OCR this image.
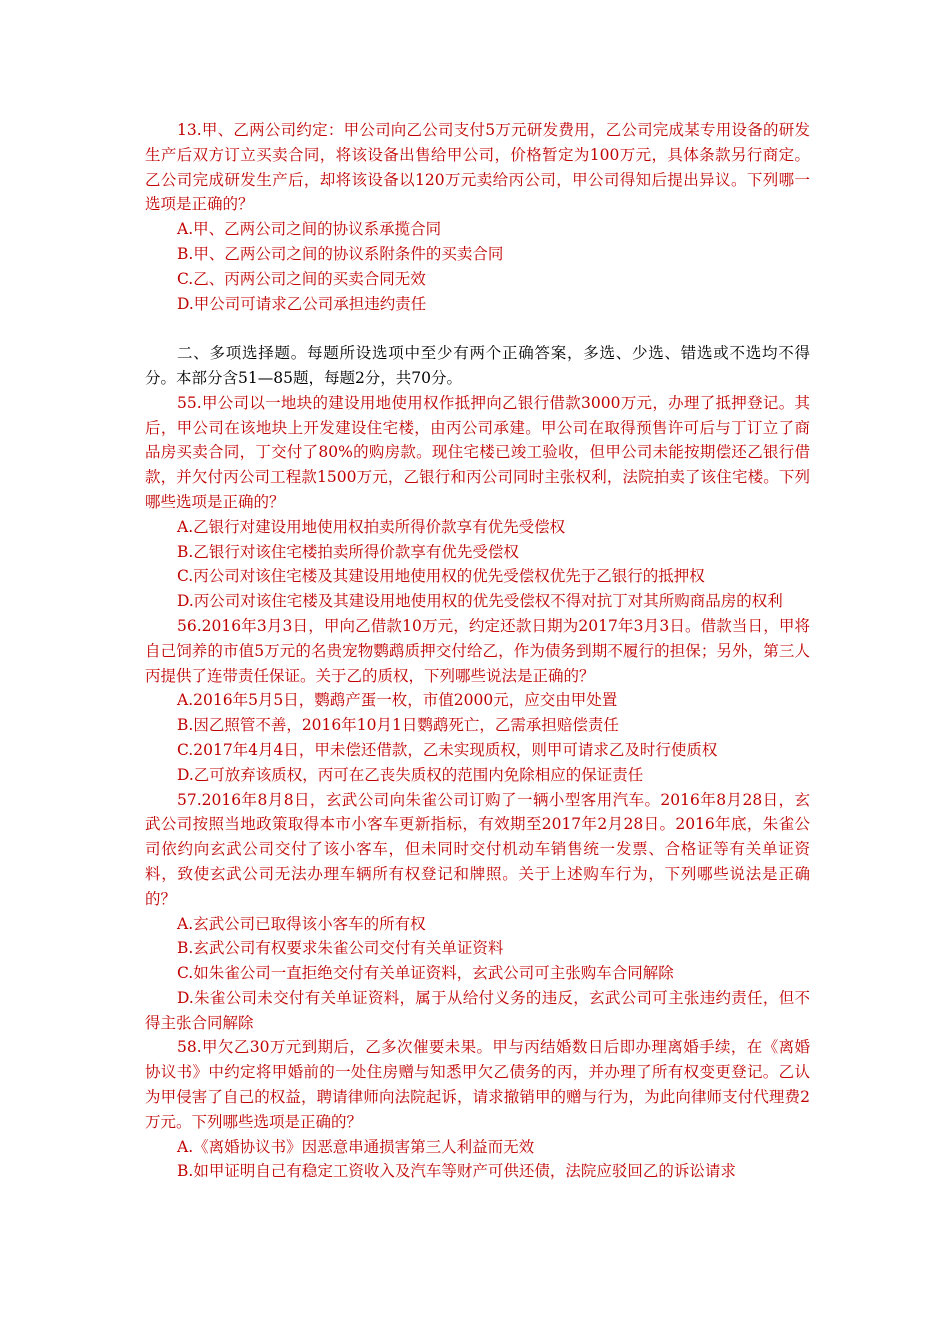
13.甲、乙两公司约定：甲公司向乙公司支付5万元研发费用，乙公司完成某专用设备的研发生产后双方订立买卖合同，将该设备出售给甲公司，价格暂定为100万元，具体条款另行商定。乙公司完成研发生产后，却将该设备以120万元卖给丙公司，甲公司得知后提出异议。下列哪一选项是正确的？

A.甲、乙两公司之间的协议系承揽合同

B.甲、乙两公司之间的协议系附条件的买卖合同

C.乙、丙两公司之间的买卖合同无效

D.甲公司可请求乙公司承担违约责任

二、多项选择题。每题所设选项中至少有两个正确答案，多选、少选、错选或不选均不得分。本部分含51—85题，每题2分，共70分。

55.甲公司以一地块的建设用地使用权作抵押向乙银行借款3000万元，办理了抵押登记。其后，甲公司在该地块上开发建设住宅楼，由丙公司承建。甲公司在取得预售许可后与丁订立了商品房买卖合同，丁交付了80%的购房款。现住宅楼已竣工验收，但甲公司未能按期偿还乙银行借款，并欠付丙公司工程款1500万元，乙银行和丙公司同时主张权利，法院拍卖了该住宅楼。下列哪些选项是正确的？

A.乙银行对建设用地使用权拍卖所得价款享有优先受偿权

B.乙银行对该住宅楼拍卖所得价款享有优先受偿权

C.丙公司对该住宅楼及其建设用地使用权的优先受偿权优先于乙银行的抵押权

D.丙公司对该住宅楼及其建设用地使用权的优先受偿权不得对抗丁对其所购商品房的权利

56.2016年3月3日，甲向乙借款10万元，约定还款日期为2017年3月3日。借款当日，甲将自己饲养的市值5万元的名贵宠物鹦鹉质押交付给乙，作为债务到期不履行的担保；另外，第三人丙提供了连带责任保证。关于乙的质权，下列哪些说法是正确的？

A.2016年5月5日，鹦鹉产蛋一枚，市值2000元，应交由甲处置

B.因乙照管不善，2016年10月1日鹦鹉死亡，乙需承担赔偿责任

C.2017年4月4日，甲未偿还借款，乙未实现质权，则甲可请求乙及时行使质权

D.乙可放弃该质权，丙可在乙丧失质权的范围内免除相应的保证责任

57.2016年8月8日，玄武公司向朱雀公司订购了一辆小型客用汽车。2016年8月28日，玄武公司按照当地政策取得本市小客车更新指标，有效期至2017年2月28日。2016年底，朱雀公司依约向玄武公司交付了该小客车，但未同时交付机动车销售统一发票、合格证等有关单证资料，致使玄武公司无法办理车辆所有权登记和牌照。关于上述购车行为，下列哪些说法是正确的？

A.玄武公司已取得该小客车的所有权

B.玄武公司有权要求朱雀公司交付有关单证资料

C.如朱雀公司一直拒绝交付有关单证资料，玄武公司可主张购车合同解除

D.朱雀公司未交付有关单证资料，属于从给付义务的违反，玄武公司可主张违约责任，但不得主张合同解除

58.甲欠乙30万元到期后，乙多次催要未果。甲与丙结婚数日后即办理离婚手续，在《离婚协议书》中约定将甲婚前的一处住房赠与知悉甲欠乙债务的丙，并办理了所有权变更登记。乙认为甲侵害了自己的权益，聘请律师向法院起诉，请求撤销甲的赠与行为，为此向律师支付代理费2万元。下列哪些选项是正确的？

A.《离婚协议书》因恶意串通损害第三人利益而无效

B.如甲证明自己有稳定工资收入及汽车等财产可供还债，法院应驳回乙的诉讼请求
